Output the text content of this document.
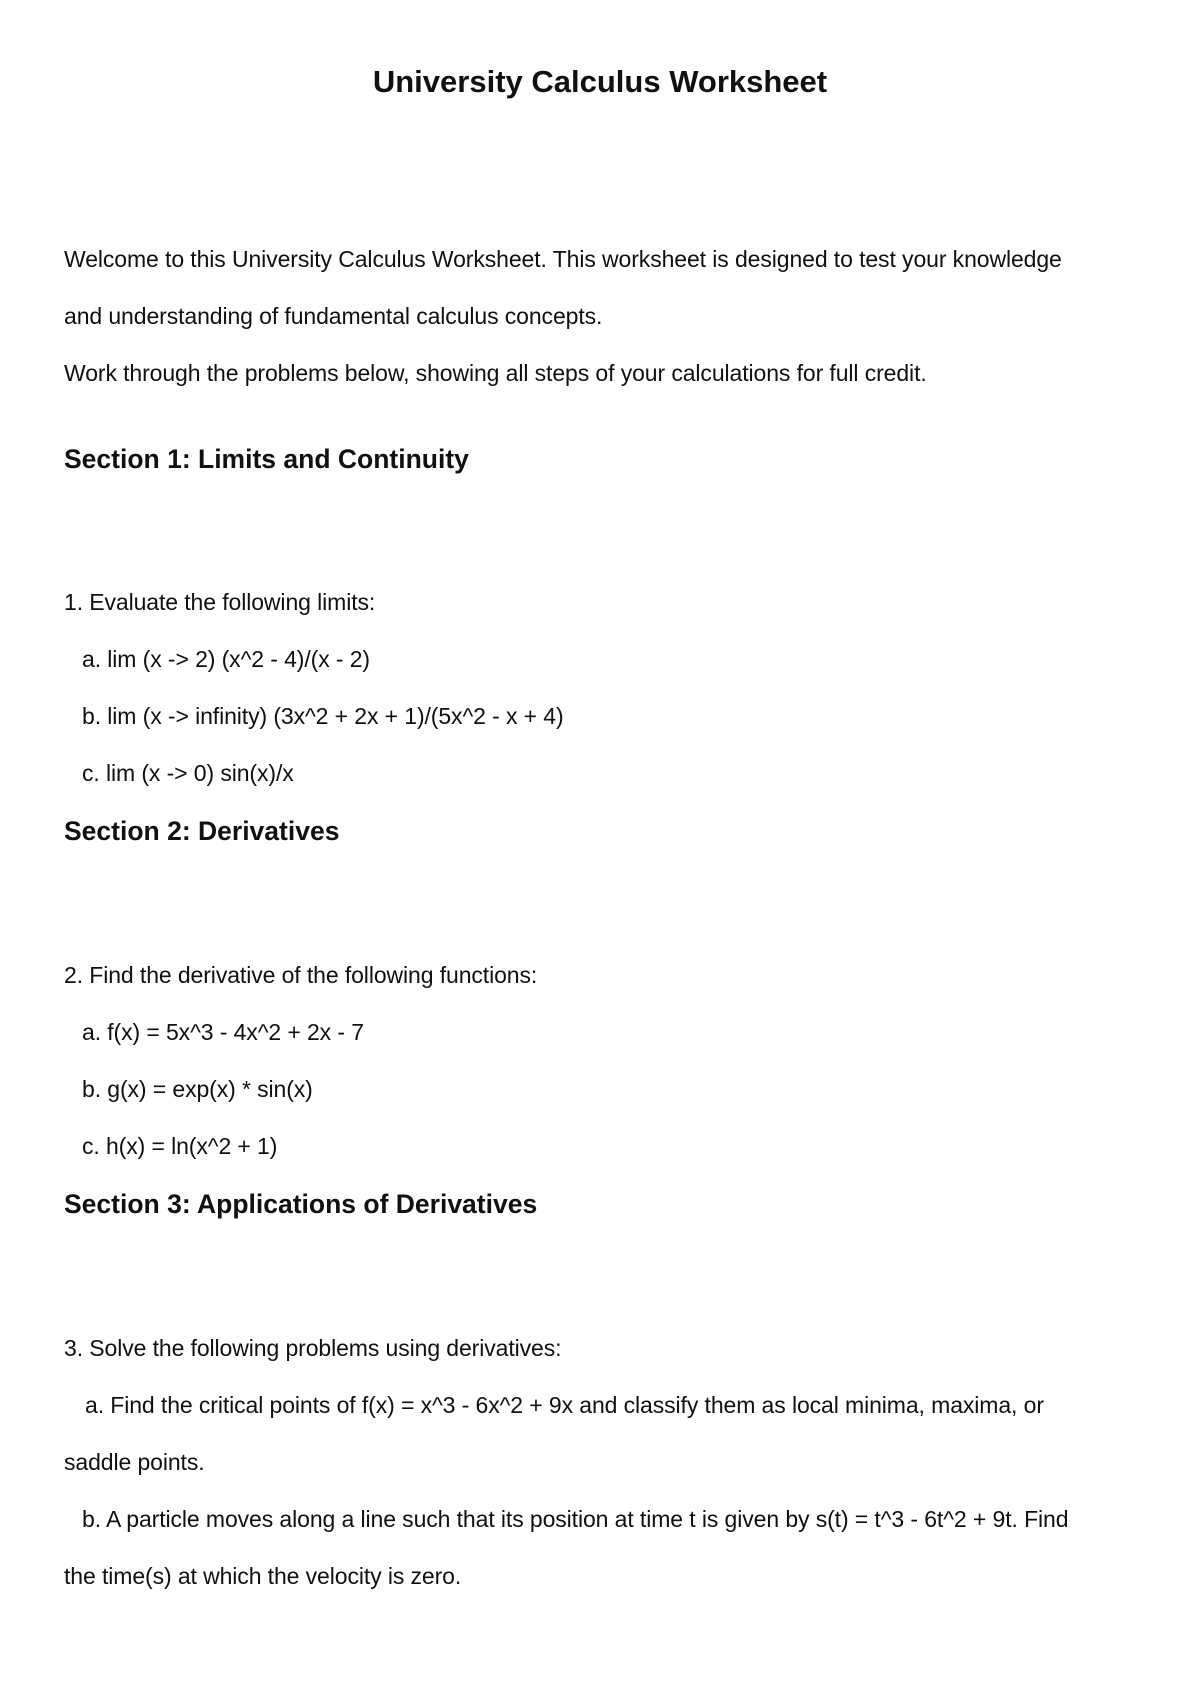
University Calculus Worksheet
Welcome to this University Calculus Worksheet. This worksheet is designed to test your knowledge
and understanding of fundamental calculus concepts.
Work through the problems below, showing all steps of your calculations for full credit.
Section 1: Limits and Continuity
1. Evaluate the following limits:
a. lim (x -> 2) (x^2 - 4)/(x - 2)
b. lim (x -> infinity) (3x^2 + 2x + 1)/(5x^2 - x + 4)
c. lim (x -> 0) sin(x)/x
Section 2: Derivatives
2. Find the derivative of the following functions:
a. f(x) = 5x^3 - 4x^2 + 2x - 7
b. g(x) = exp(x) * sin(x)
c. h(x) = ln(x^2 + 1)
Section 3: Applications of Derivatives
3. Solve the following problems using derivatives:
a. Find the critical points of f(x) = x^3 - 6x^2 + 9x and classify them as local minima, maxima, or
saddle points.
b. A particle moves along a line such that its position at time t is given by s(t) = t^3 - 6t^2 + 9t. Find
the time(s) at which the velocity is zero.
